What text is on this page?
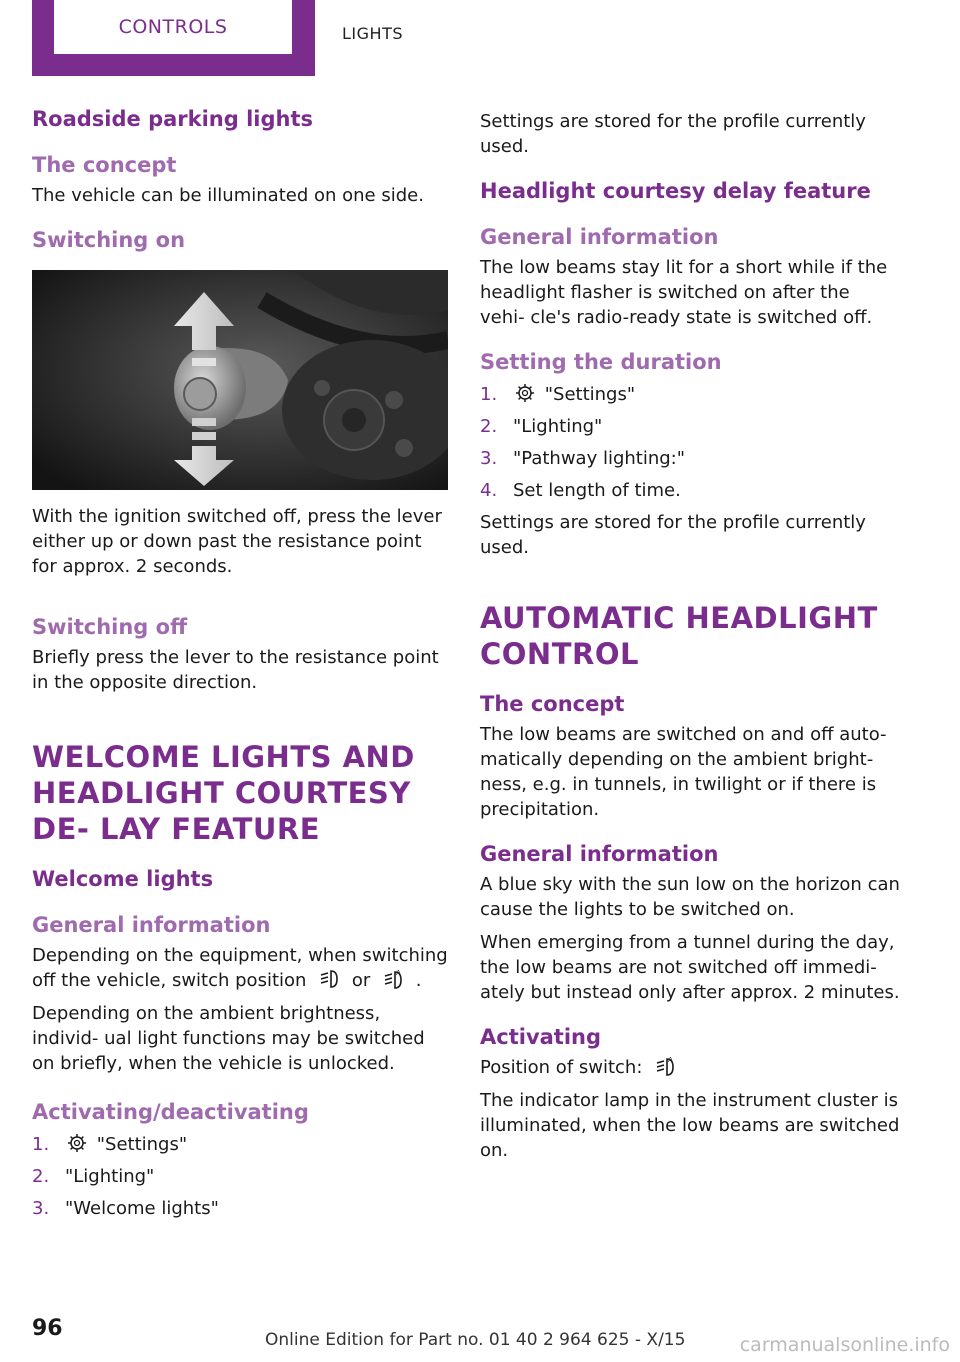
CONTROLS	LIGHTS
Roadside parking lights
The concept

The vehicle can be illuminated on one side.

Switching on

With the ignition switched off, press the lever either up or down past the resistance point for approx. 2 seconds.

Switching off

Briefly press the lever to the resistance point in the opposite direction.

WELCOME LIGHTS AND HEADLIGHT COURTESY DE- LAY FEATURE
Welcome lights
General information

Depending on the equipment, when switching off the vehicle, switch position	or	A .

Depending on the ambient brightness, individ- ual light functions may be switched on briefly, when the vehicle is unlocked.

Activating/deactivating
1.	"Settings"
2. "Lighting"
3. "Welcome lights"

Settings are stored for the profile currently used.

Headlight courtesy delay feature
General information

The low beams stay lit for a short while if the headlight flasher is switched on after the vehi- cle's radio-ready state is switched off.

Setting the duration
1.	"Settings"
2. "Lighting"
3. "Pathway lighting:"
4. Set length of time.

Settings are stored for the profile currently used.

AUTOMATIC HEADLIGHT CONTROL
The concept

The low beams are switched on and off auto- matically depending on the ambient bright- ness, e.g. in tunnels, in twilight or if there is precipitation.

General information

A blue sky with the sun low on the horizon can cause the lights to be switched on.

When emerging from a tunnel during the day, the low beams are not switched off immedi- ately but instead only after approx. 2 minutes.

Activating

Position of switch:	A

The indicator lamp in the instrument cluster is illuminated, when the low beams are switched on.

96	Online Edition for Part no. 01 40 2 964 625 - X/15	carmanualsonline.info
